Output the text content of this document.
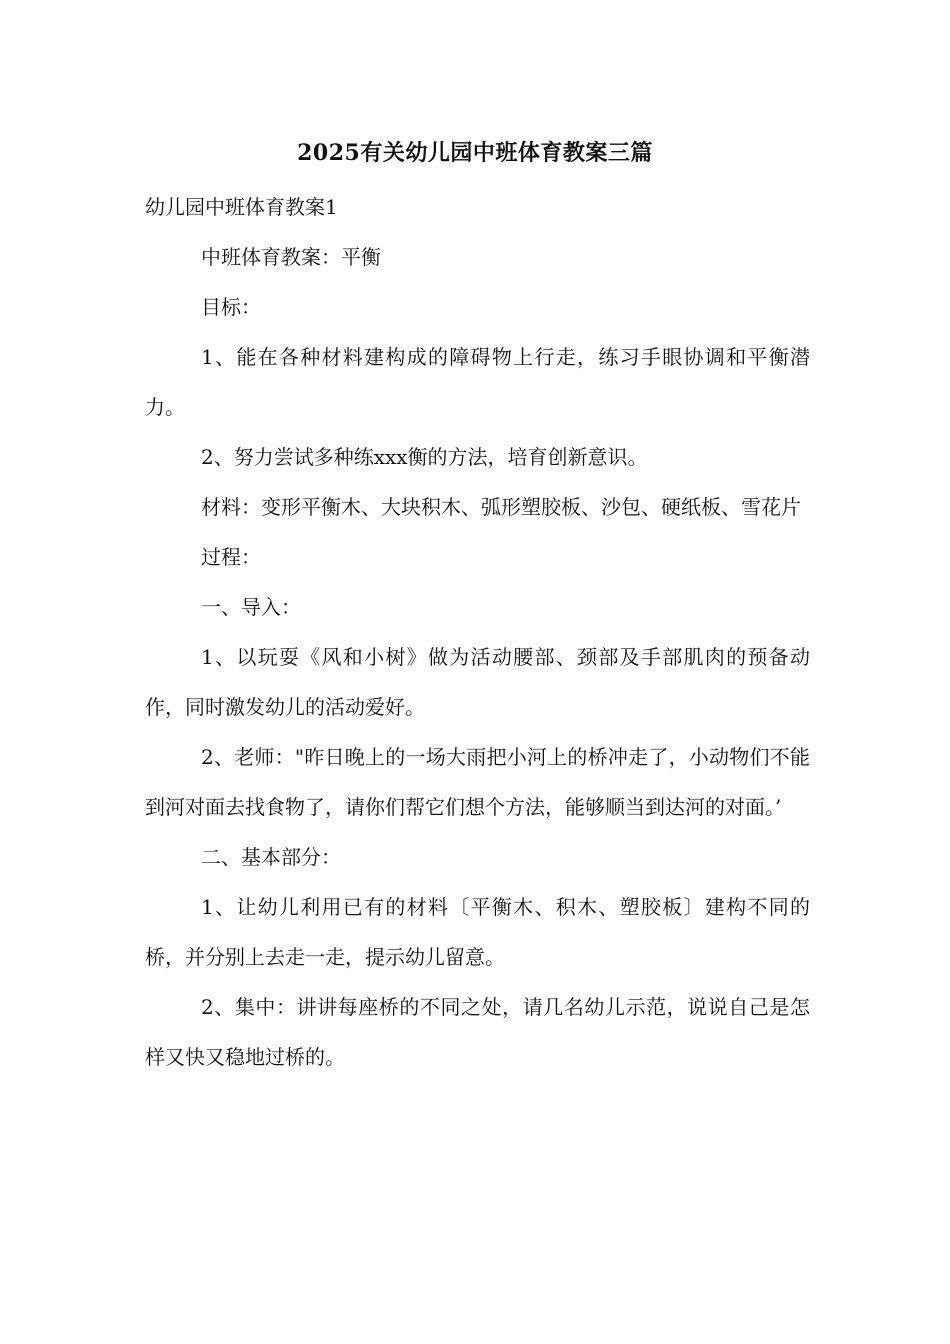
2025有关幼儿园中班体育教案三篇

幼儿园中班体育教案1

中班体育教案：平衡

目标：

1、能在各种材料建构成的障碍物上行走，练习手眼协调和平衡潜力。

2、努力尝试多种练xxx衡的方法，培育创新意识。

材料：变形平衡木、大块积木、弧形塑胶板、沙包、硬纸板、雪花片

过程：

一、导入：

1、以玩耍《风和小树》做为活动腰部、颈部及手部肌肉的预备动作，同时激发幼儿的活动爱好。

2、老师："昨日晚上的一场大雨把小河上的桥冲走了，小动物们不能到河对面去找食物了，请你们帮它们想个方法，能够顺当到达河的对面。’

二、基本部分：

1、让幼儿利用已有的材料〔平衡木、积木、塑胶板〕建构不同的桥，并分别上去走一走，提示幼儿留意。

2、集中：讲讲每座桥的不同之处，请几名幼儿示范，说说自己是怎样又快又稳地过桥的。
